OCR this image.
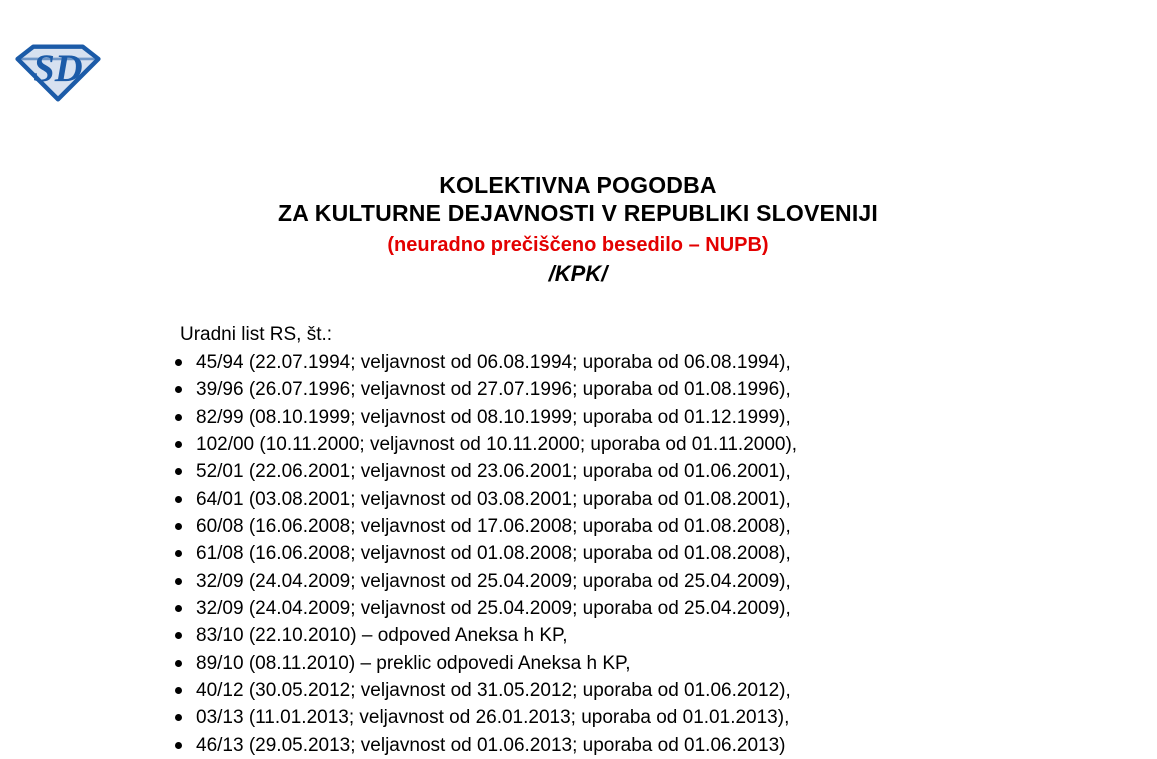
SD
KOLEKTIVNA POGODBA
ZA KULTURNE DEJAVNOSTI V REPUBLIKI SLOVENIJI
(neuradno prečiščeno besedilo – NUPB)
/KPK/
Uradni list RS, št.:
45/94 (22.07.1994; veljavnost od 06.08.1994; uporaba od 06.08.1994),
39/96 (26.07.1996; veljavnost od 27.07.1996; uporaba od 01.08.1996),
82/99 (08.10.1999; veljavnost od 08.10.1999; uporaba od 01.12.1999),
102/00 (10.11.2000; veljavnost od 10.11.2000; uporaba od 01.11.2000),
52/01 (22.06.2001; veljavnost od 23.06.2001; uporaba od 01.06.2001),
64/01 (03.08.2001; veljavnost od 03.08.2001; uporaba od 01.08.2001),
60/08 (16.06.2008; veljavnost od 17.06.2008; uporaba od 01.08.2008),
61/08 (16.06.2008; veljavnost od 01.08.2008; uporaba od 01.08.2008),
32/09 (24.04.2009; veljavnost od 25.04.2009; uporaba od 25.04.2009),
32/09 (24.04.2009; veljavnost od 25.04.2009; uporaba od 25.04.2009),
83/10 (22.10.2010) – odpoved Aneksa h KP,
89/10 (08.11.2010) – preklic odpovedi Aneksa h KP,
40/12 (30.05.2012; veljavnost od 31.05.2012; uporaba od 01.06.2012),
03/13 (11.01.2013; veljavnost od 26.01.2013; uporaba od 01.01.2013),
46/13 (29.05.2013; veljavnost od 01.06.2013; uporaba od 01.06.2013)
